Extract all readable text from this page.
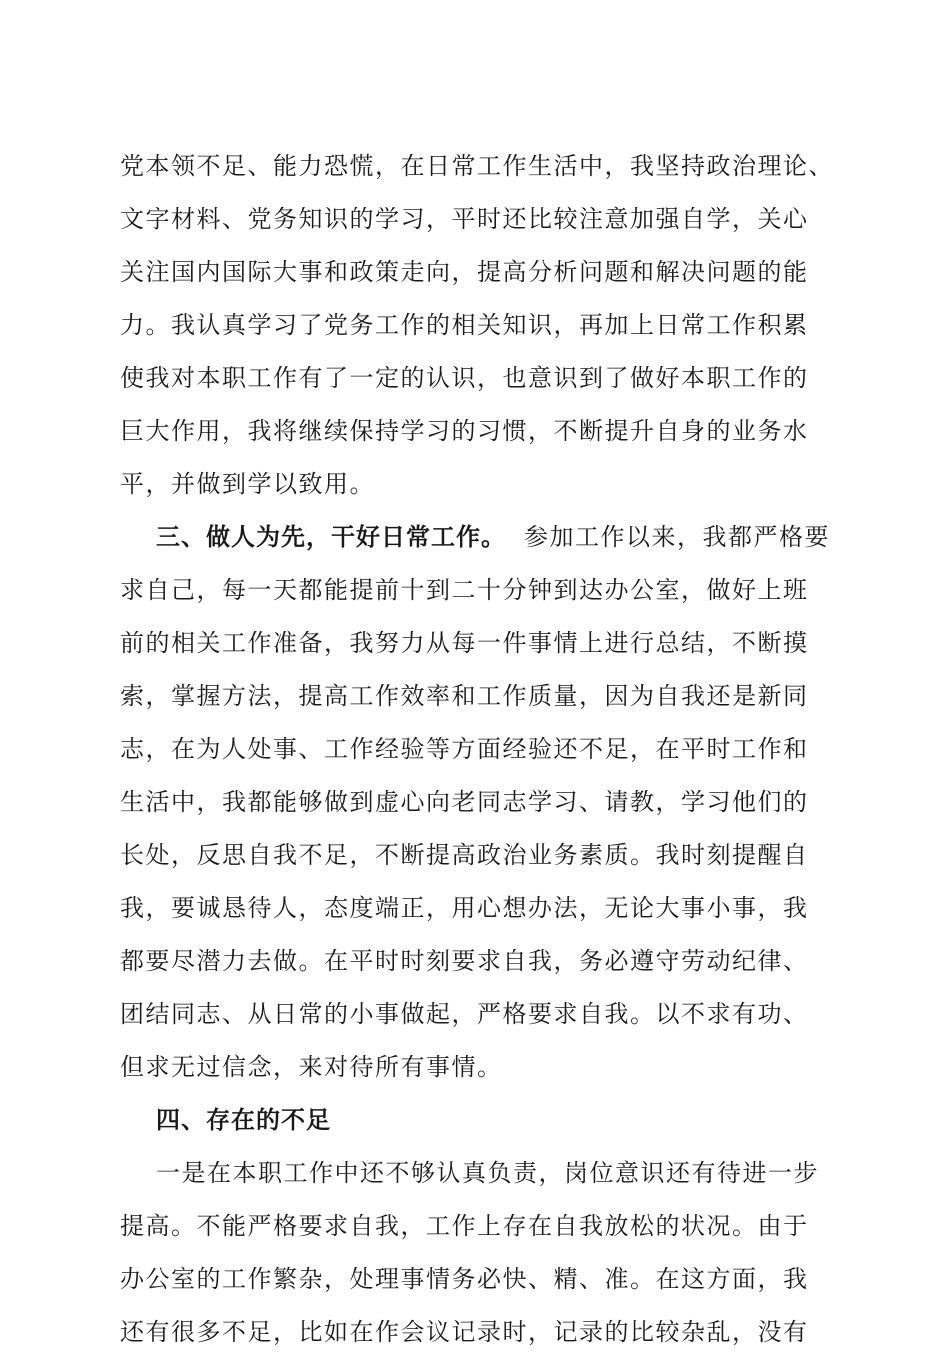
党本领不足、能力恐慌，在日常工作生活中，我坚持政治理论、
文字材料、党务知识的学习，平时还比较注意加强自学，关心
关注国内国际大事和政策走向，提高分析问题和解决问题的能
力。我认真学习了党务工作的相关知识，再加上日常工作积累
使我对本职工作有了一定的认识，也意识到了做好本职工作的
巨大作用，我将继续保持学习的习惯，不断提升自身的业务水
平，并做到学以致用。
三、做人为先，干好日常工作。 参加工作以来，我都严格要
求自己，每一天都能提前十到二十分钟到达办公室，做好上班
前的相关工作准备，我努力从每一件事情上进行总结，不断摸
索，掌握方法，提高工作效率和工作质量，因为自我还是新同
志，在为人处事、工作经验等方面经验还不足，在平时工作和
生活中，我都能够做到虚心向老同志学习、请教，学习他们的
长处，反思自我不足，不断提高政治业务素质。我时刻提醒自
我，要诚恳待人，态度端正，用心想办法，无论大事小事，我
都要尽潜力去做。在平时时刻要求自我，务必遵守劳动纪律、
团结同志、从日常的小事做起，严格要求自我。以不求有功、
但求无过信念，来对待所有事情。
四、存在的不足
一是在本职工作中还不够认真负责，岗位意识还有待进一步
提高。不能严格要求自我，工作上存在自我放松的状况。由于
办公室的工作繁杂，处理事情务必快、精、准。在这方面，我
还有很多不足，比如在作会议记录时，记录的比较杂乱，没有
